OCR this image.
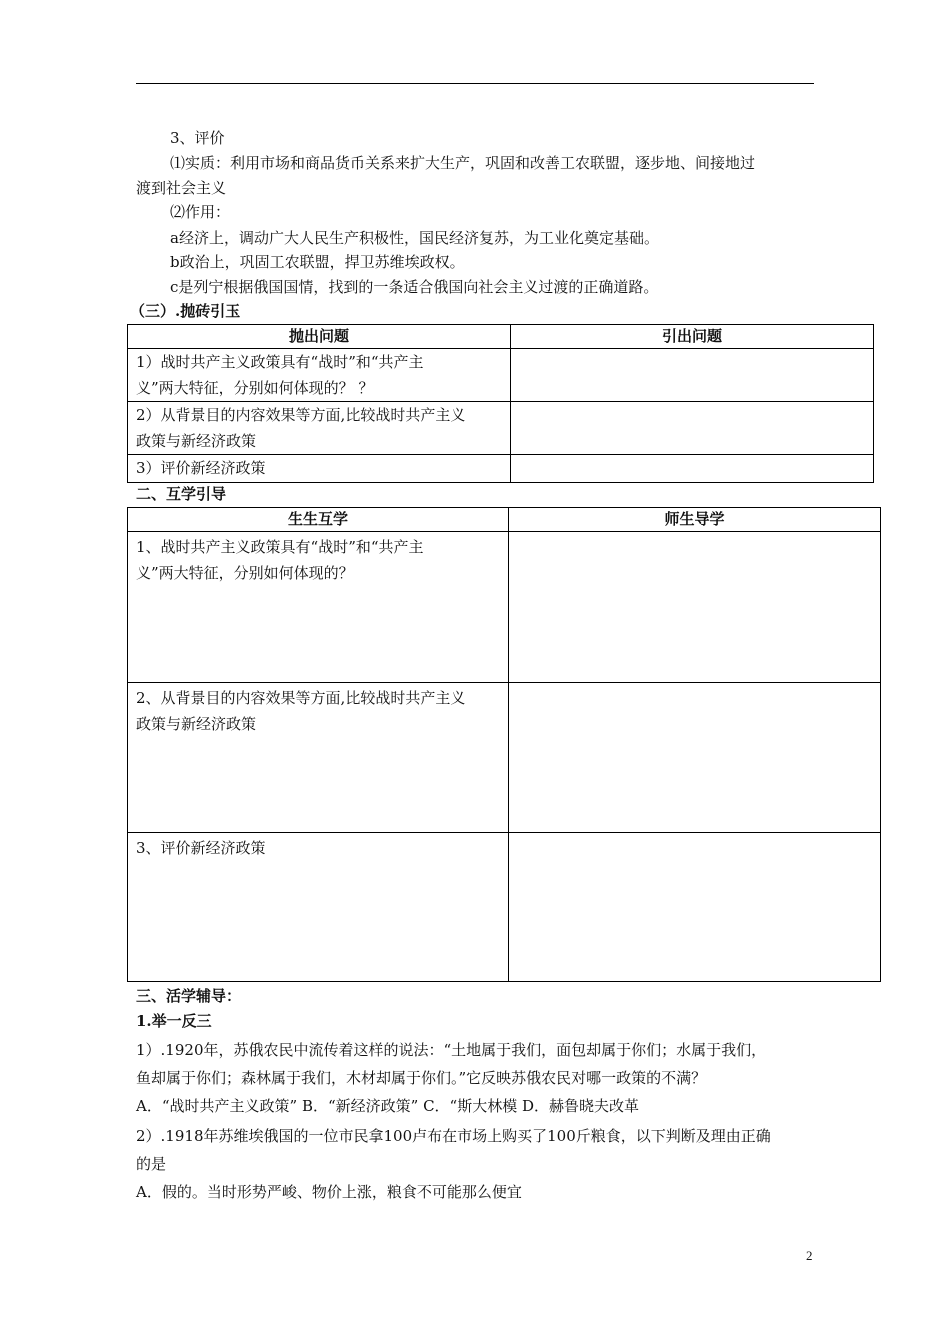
3、评价
⑴实质：利用市场和商品货币关系来扩大生产，巩固和改善工农联盟，逐步地、间接地过
渡到社会主义
⑵作用：
a经济上，调动广大人民生产积极性，国民经济复苏，为工业化奠定基础。
b政治上，巩固工农联盟，捍卫苏维埃政权。
c是列宁根据俄国国情，找到的一条适合俄国向社会主义过渡的正确道路。
（三）.抛砖引玉
抛出问题	引出问题

1）战时共产主义政策具有“战时”和“共产主
义”两大特征，分别如何体现的？ ？	

2）从背景目的内容效果等方面,比较战时共产主义
政策与新经济政策	

3）评价新经济政策	

二、互学引导
生生互学	师生导学

1、战时共产主义政策具有“战时”和“共产主
义”两大特征，分别如何体现的？	

2、从背景目的内容效果等方面,比较战时共产主义
政策与新经济政策	

3、评价新经济政策	

三、活学辅导：
1.举一反三
1）.1920年，苏俄农民中流传着这样的说法：“土地属于我们，面包却属于你们；水属于我们，
鱼却属于你们；森林属于我们，木材却属于你们。”它反映苏俄农民对哪一政策的不满？
A．“战时共产主义政策” B．“新经济政策” C．“斯大林模 D．赫鲁晓夫改革
2）.1918年苏维埃俄国的一位市民拿100卢布在市场上购买了100斤粮食，以下判断及理由正确
的是
A．假的。当时形势严峻、物价上涨，粮食不可能那么便宜
2
